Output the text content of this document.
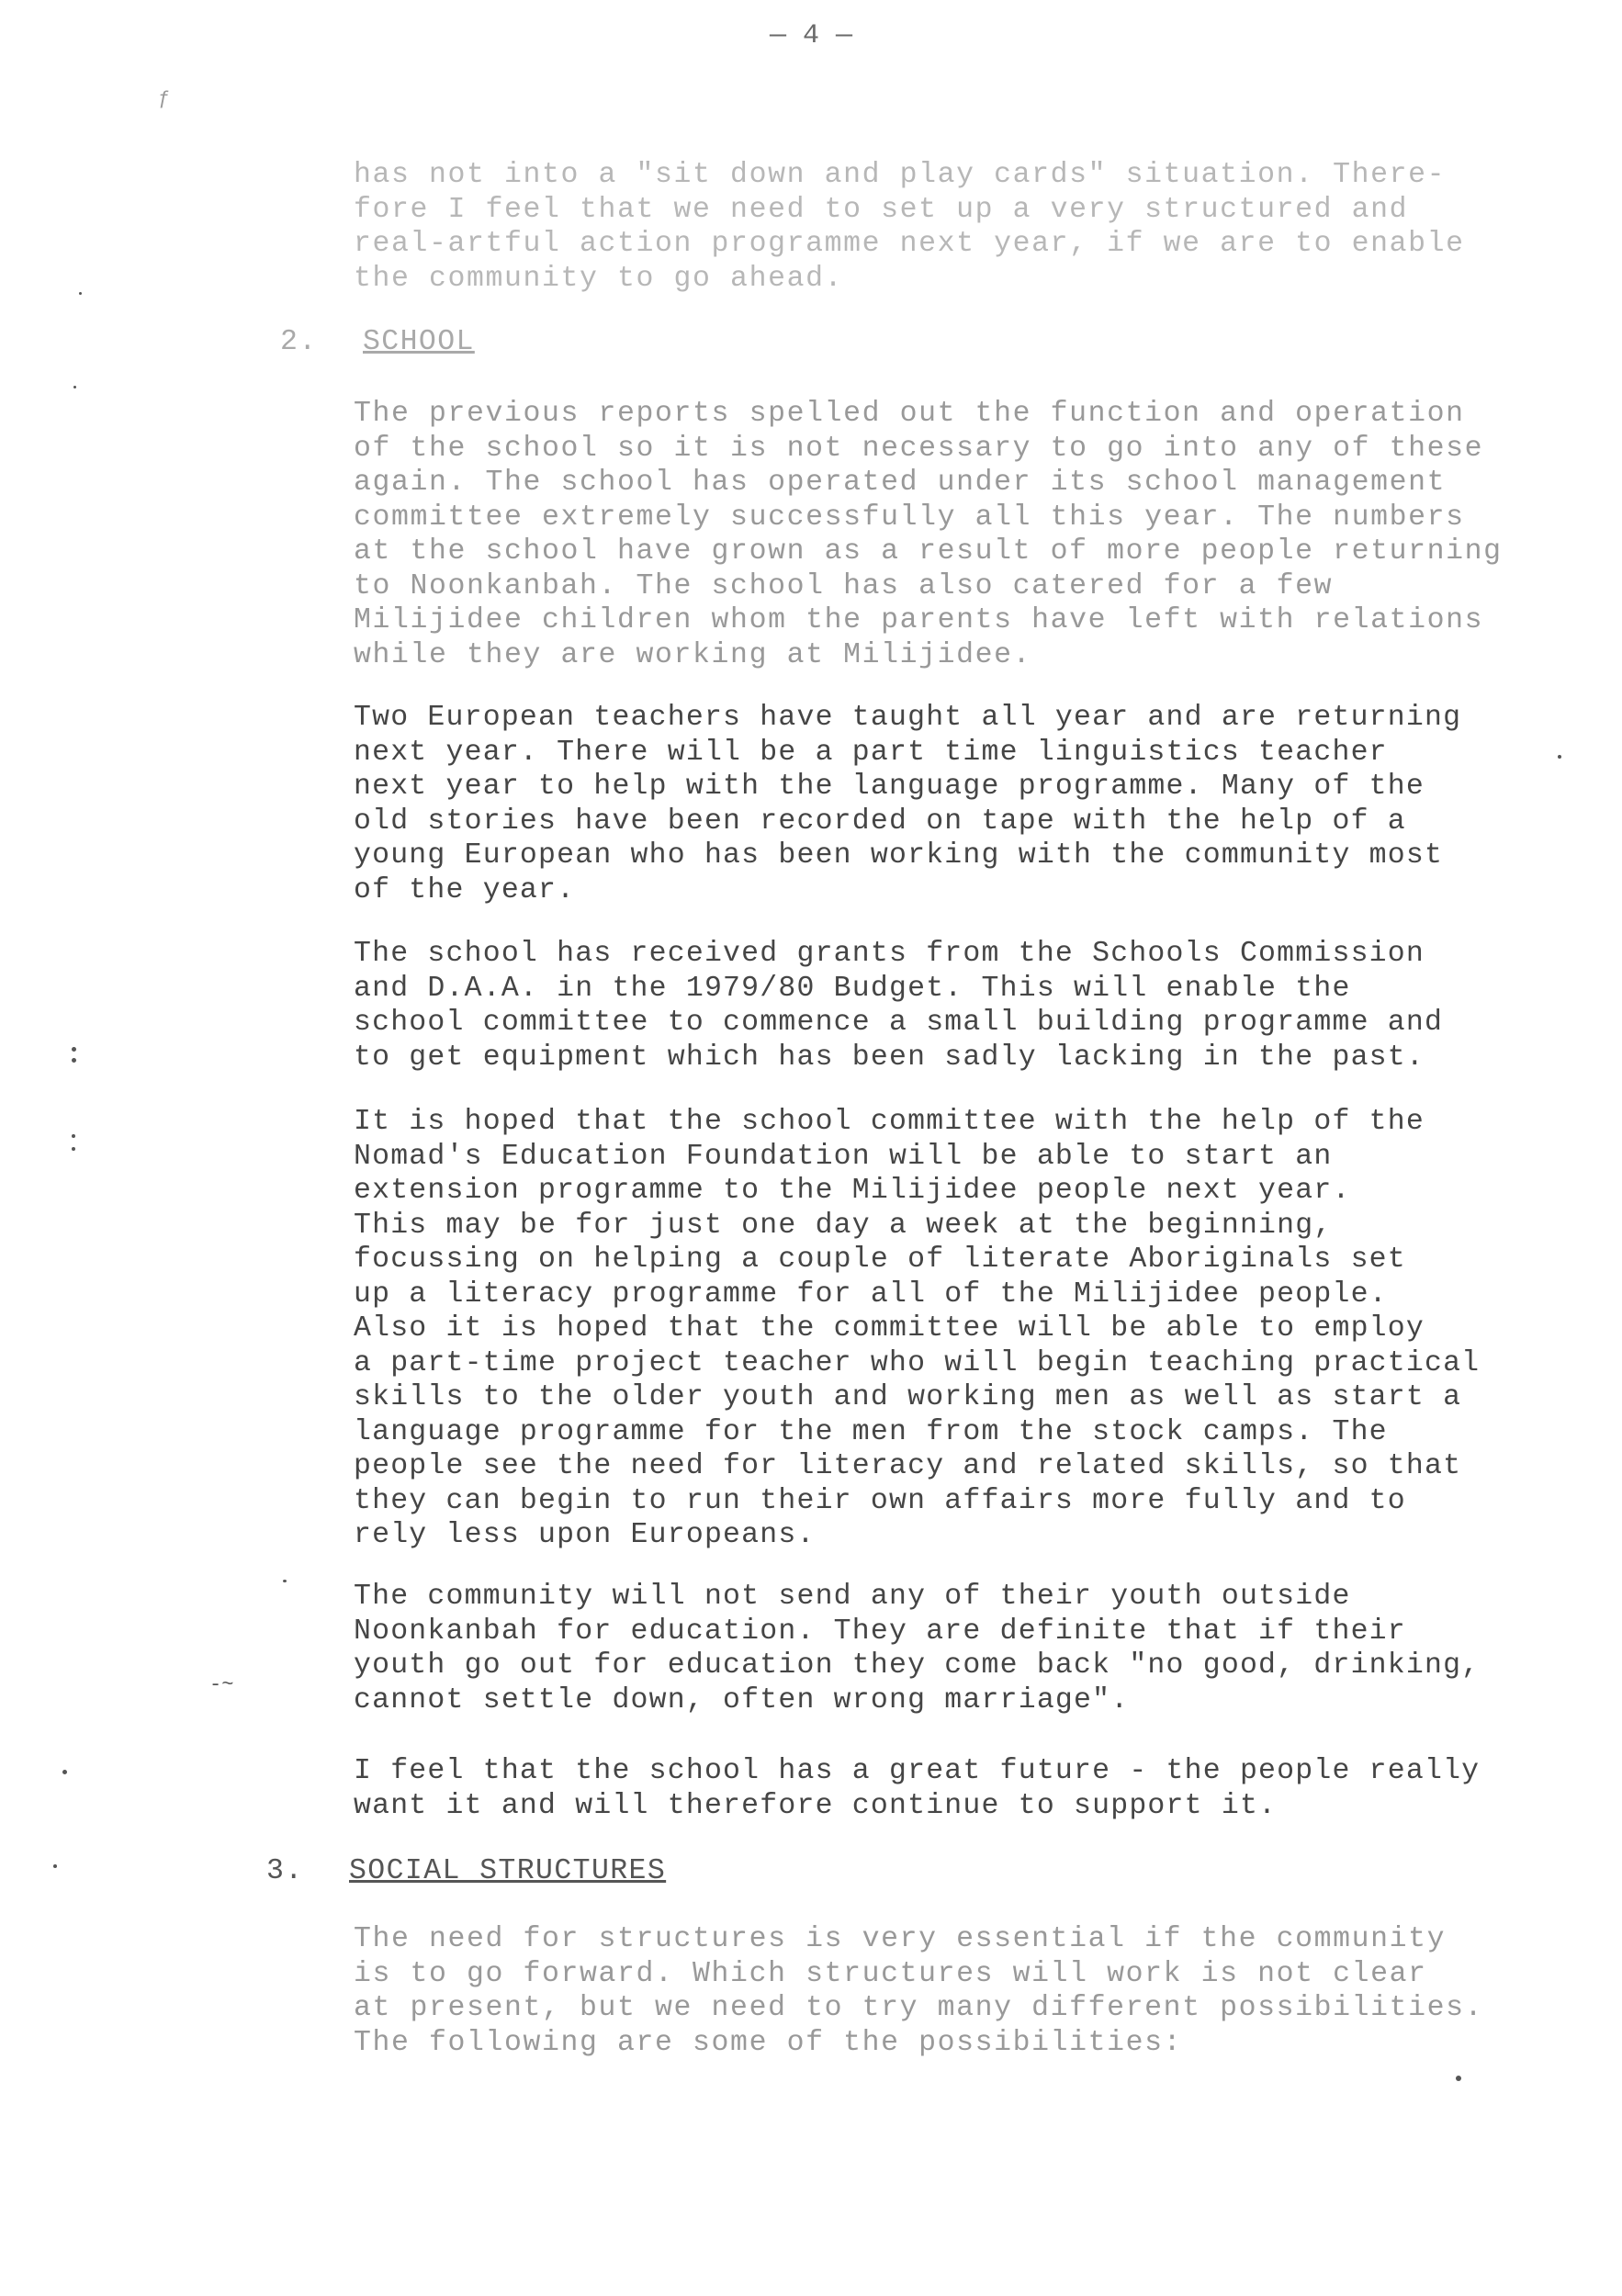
— 4 —
ƒ

has not into a "sit down and play cards" situation. There-
fore I feel that we need to set up a very structured and
real-artful action programme next year, if we are to enable
the community to go ahead.

2.	SCHOOL

The previous reports spelled out the function and operation
of the school so it is not necessary to go into any of these
again. The school has operated under its school management
committee extremely successfully all this year. The numbers
at the school have grown as a result of more people returning
to Noonkanbah. The school has also catered for a few
Milijidee children whom the parents have left with relations
while they are working at Milijidee.

Two European teachers have taught all year and are returning
next year. There will be a part time linguistics teacher
next year to help with the language programme. Many of the
old stories have been recorded on tape with the help of a
young European who has been working with the community most
of the year.

The school has received grants from the Schools Commission
and D.A.A. in the 1979/80 Budget. This will enable the
school committee to commence a small building programme and
to get equipment which has been sadly lacking in the past.

It is hoped that the school committee with the help of the
Nomad's Education Foundation will be able to start an
extension programme to the Milijidee people next year.
This may be for just one day a week at the beginning,
focussing on helping a couple of literate Aboriginals set
up a literacy programme for all of the Milijidee people.
Also it is hoped that the committee will be able to employ
a part-time project teacher who will begin teaching practical
skills to the older youth and working men as well as start a
language programme for the men from the stock camps. The
people see the need for literacy and related skills, so that
they can begin to run their own affairs more fully and to
rely less upon Europeans.

The community will not send any of their youth outside
Noonkanbah for education. They are definite that if their
youth go out for education they come back "no good, drinking,
cannot settle down, often wrong marriage".

I feel that the school has a great future - the people really
want it and will therefore continue to support it.

3.	SOCIAL STRUCTURES

The need for structures is very essential if the community
is to go forward. Which structures will work is not clear
at present, but we need to try many different possibilities.
The following are some of the possibilities:

-~
